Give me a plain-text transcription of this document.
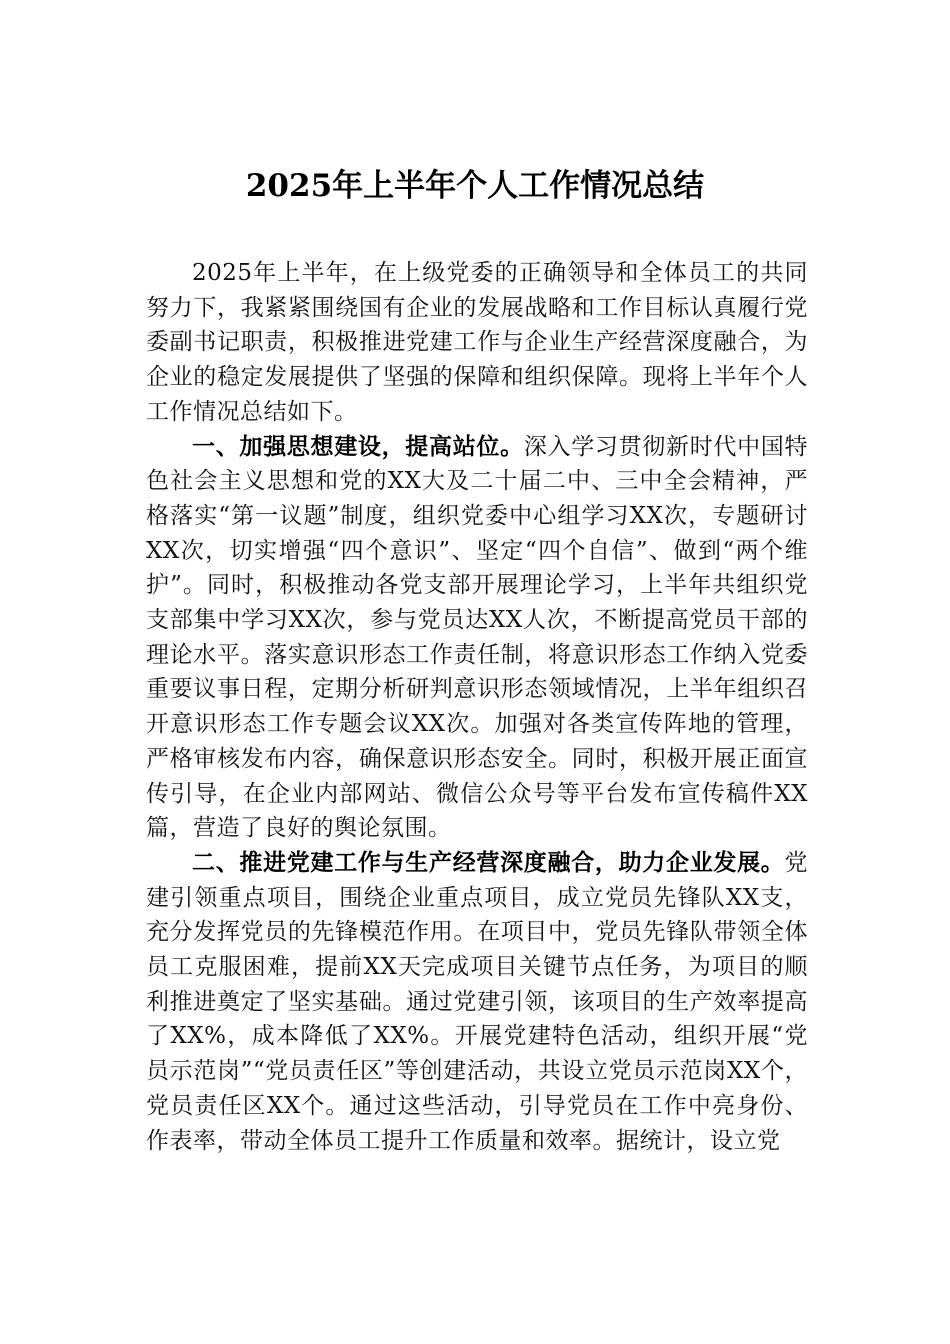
2025年上半年个人工作情况总结

2025年上半年，在上级党委的正确领导和全体员工的共同努力下，我紧紧围绕国有企业的发展战略和工作目标认真履行党委副书记职责，积极推进党建工作与企业生产经营深度融合，为企业的稳定发展提供了坚强的保障和组织保障。现将上半年个人工作情况总结如下。

一、加强思想建设，提高站位。深入学习贯彻新时代中国特色社会主义思想和党的XX大及二十届二中、三中全会精神，严格落实“第一议题”制度，组织党委中心组学习XX次，专题研讨XX次，切实增强“四个意识”、坚定“四个自信”、做到“两个维护”。同时，积极推动各党支部开展理论学习，上半年共组织党支部集中学习XX次，参与党员达XX人次，不断提高党员干部的理论水平。落实意识形态工作责任制，将意识形态工作纳入党委重要议事日程，定期分析研判意识形态领域情况，上半年组织召开意识形态工作专题会议XX次。加强对各类宣传阵地的管理，严格审核发布内容，确保意识形态安全。同时，积极开展正面宣传引导，在企业内部网站、微信公众号等平台发布宣传稿件XX篇，营造了良好的舆论氛围。

二、推进党建工作与生产经营深度融合，助力企业发展。党建引领重点项目，围绕企业重点项目，成立党员先锋队XX支，充分发挥党员的先锋模范作用。在项目中，党员先锋队带领全体员工克服困难，提前XX天完成项目关键节点任务，为项目的顺利推进奠定了坚实基础。通过党建引领，该项目的生产效率提高了XX%，成本降低了XX%。开展党建特色活动，组织开展“党员示范岗”“党员责任区”等创建活动，共设立党员示范岗XX个，党员责任区XX个。通过这些活动，引导党员在工作中亮身份、作表率，带动全体员工提升工作质量和效率。据统计，设立党
